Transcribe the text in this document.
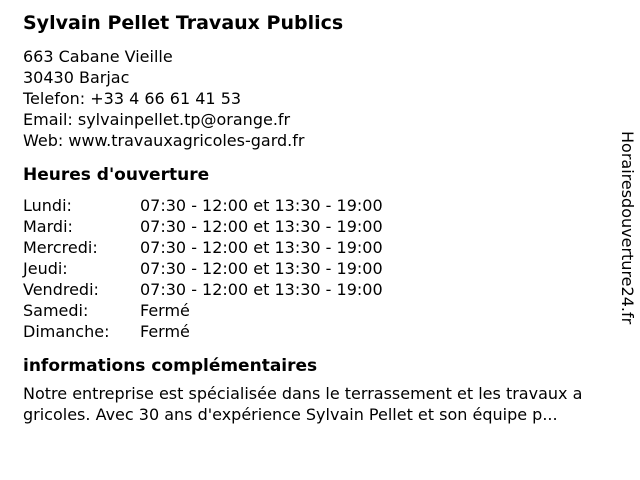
Sylvain Pellet Travaux Publics
663 Cabane Vieille
30430 Barjac
Telefon: +33 4 66 61 41 53
Email: sylvainpellet.tp@orange.fr
Web: www.travauxagricoles-gard.fr
Heures d'ouverture
Lundi:	07:30 - 12:00 et 13:30 - 19:00
Mardi:	07:30 - 12:00 et 13:30 - 19:00
Mercredi:	07:30 - 12:00 et 13:30 - 19:00
Jeudi:	07:30 - 12:00 et 13:30 - 19:00
Vendredi:	07:30 - 12:00 et 13:30 - 19:00
Samedi:	Fermé
Dimanche: Fermé
informations complémentaires
Notre entreprise est spécialisée dans le terrassement et les travaux a
gricoles. Avec 30 ans d'expérience Sylvain Pellet et son équipe p...
Horairesdouverture24.fr
